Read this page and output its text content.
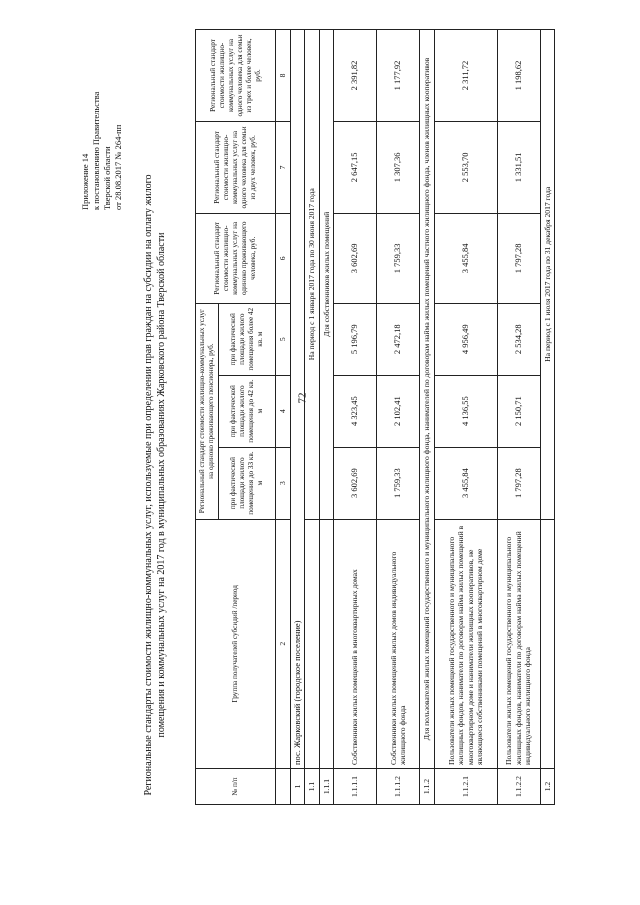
72
Приложение 14 к постановлению Правительства Тверской области от 28.08.2017 № 264-пп
Региональные стандарты стоимости жилищно-коммунальных услуг, используемые при определении прав граждан на субсидии на оплату жилого помещения и коммунальных услуг на 2017 год в муниципальных образованиях Жарковского района Тверской области
№ п/п	Группа получателей субсидий /период	Региональный стандарт стоимости жилищно-коммунальных услуг на одиноко проживающего пенсионера, руб.			Региональный стандарт стоимости жилищно-коммунальных услуг на одиноко проживающего человека, руб.	Региональный стандарт стоимости жилищно-коммунальных услуг на одного человека для семьи из двух человек, руб.	Региональный стандарт стоимости жилищно-коммунальных услуг на одного человека для семьи из трех и более человек, руб.
		при фактической площади жилого помещения до 33 кв. м	при фактической площади жилого помещения до 42 кв. м	при фактической площади жилого помещения более 42 кв. м			
	2	3	4	5	6	7	8
1	пос. Жарковский (городское поселение)						
1.1		На период с 1 января 2017 года по 30 июня 2017 года					
1.1.1		Для собственников жилых помещений					
1.1.1.1	Собственники жилых помещений в многоквартирных домах	3 602,69	4 323,45	5 196,79	3 602,69	2 647,15	2 391,82
1.1.1.2	Собственники жилых помещений жилых домов индивидуального жилищного фонда	1 759,33	2 102,41	2 472,18	1 759,33	1 307,36	1 177,92
1.1.2	Для пользователей жилых помещений государственного и муниципального жилищного фонда, нанимателей по договорам найма жилых помещений частного жилищного фонда, членов жилищных кооперативов						
1.1.2.1	Пользователи жилых помещений государственного и муниципального жилищных фондов, наниматели по договорам найма жилых помещений в многоквартирном доме и наниматели жилищных кооперативов, не являющиеся собственниками помещений в многоквартирном доме	3 455,84	4 136,55	4 956,49	3 455,84	2 553,70	2 311,72
1.1.2.2	Пользователи жилых помещений государственного и муниципального жилищных фондов, наниматели по договорам найма жилых помещений индивидуального жилищного фонда	1 797,28	2 150,71	2 534,28	1 797,28	1 331,51	1 198,62
1.2		На период с 1 июля 2017 года по 31 декабря 2017 года					
